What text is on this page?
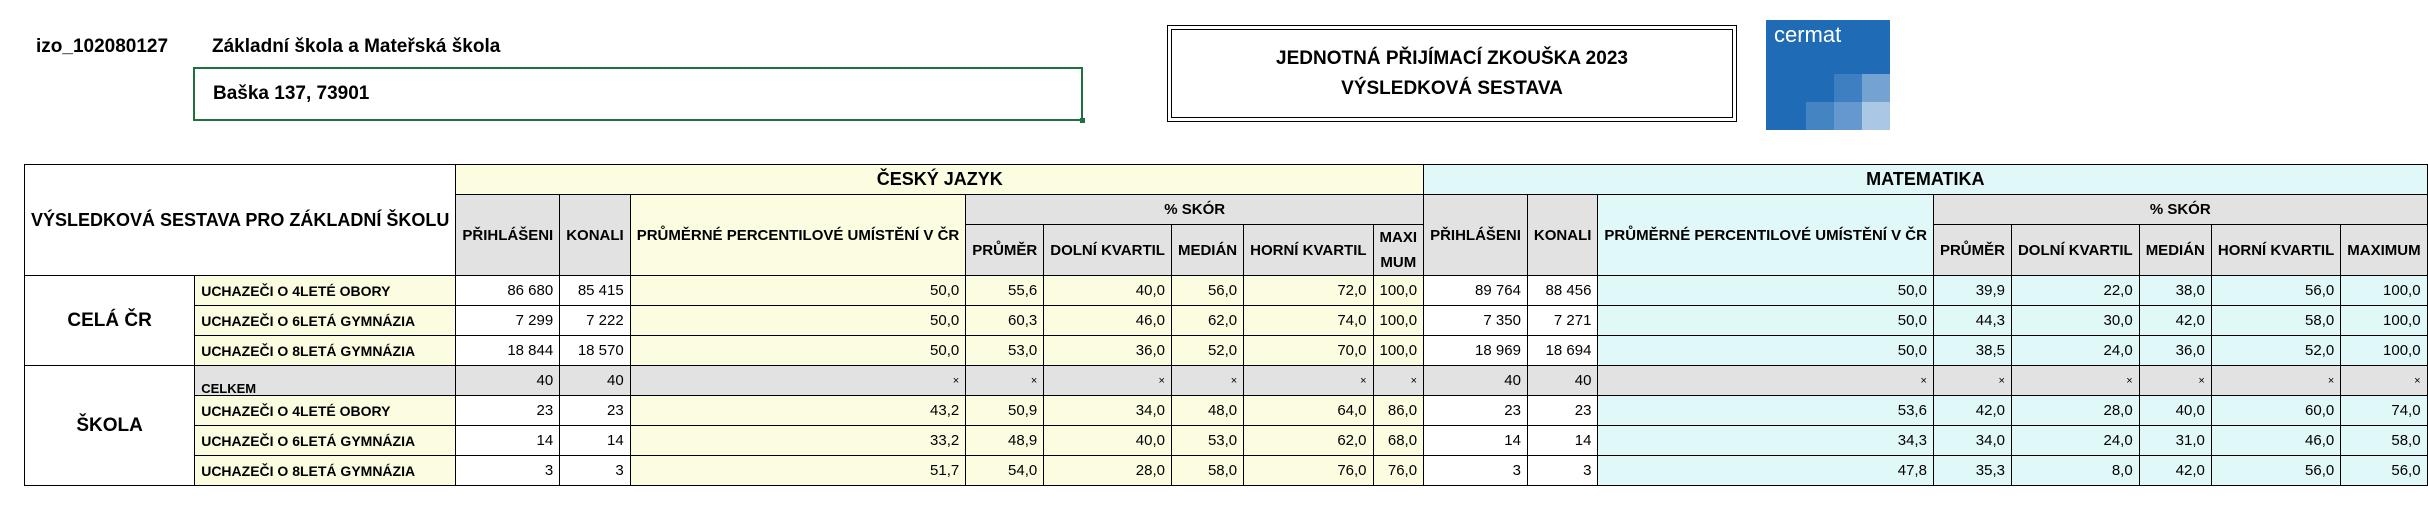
izo_102080127 Základní škola a Mateřská škola
Baška 137, 73901
JEDNOTNÁ PŘIJÍMACÍ ZKOUŠKA 2023
VÝSLEDKOVÁ SESTAVA
cermat
VÝSLEDKOVÁ SESTAVA PRO ZÁKLADNÍ ŠKOLU		ČESKÝ JAZYK								MATEMATIKA							
		PŘIHLÁŠENI	KONALI	PRŮMĚRNÉ PERCENTILOVÉ UMÍSTĚNÍ V ČR	% SKÓR					PŘIHLÁŠENI	KONALI	PRŮMĚRNÉ PERCENTILOVÉ UMÍSTĚNÍ V ČR	% SKÓR				
					PRŮMĚR	DOLNÍ KVARTIL	MEDIÁN	HORNÍ KVARTIL	MAXIMUM				PRŮMĚR	DOLNÍ KVARTIL	MEDIÁN	HORNÍ KVARTIL	MAXIMUM
CELÁ ČR	UCHAZEČI O 4LETÉ OBORY	86 680	85 415	50,0	55,6	40,0	56,0	72,0	100,0	89 764	88 456	50,0	39,9	22,0	38,0	56,0	100,0
	UCHAZEČI O 6LETÁ GYMNÁZIA	7 299	7 222	50,0	60,3	46,0	62,0	74,0	100,0	7 350	7 271	50,0	44,3	30,0	42,0	58,0	100,0
	UCHAZEČI O 8LETÁ GYMNÁZIA	18 844	18 570	50,0	53,0	36,0	52,0	70,0	100,0	18 969	18 694	50,0	38,5	24,0	36,0	52,0	100,0
ŠKOLA	CELKEM	40	40	×	×	×	×	×	×	40	40	×	×	×	×	×	×
	UCHAZEČI O 4LETÉ OBORY	23	23	43,2	50,9	34,0	48,0	64,0	86,0	23	23	53,6	42,0	28,0	40,0	60,0	74,0
	UCHAZEČI O 6LETÁ GYMNÁZIA	14	14	33,2	48,9	40,0	53,0	62,0	68,0	14	14	34,3	34,0	24,0	31,0	46,0	58,0
	UCHAZEČI O 8LETÁ GYMNÁZIA	3	3	51,7	54,0	28,0	58,0	76,0	76,0	3	3	47,8	35,3	8,0	42,0	56,0	56,0
